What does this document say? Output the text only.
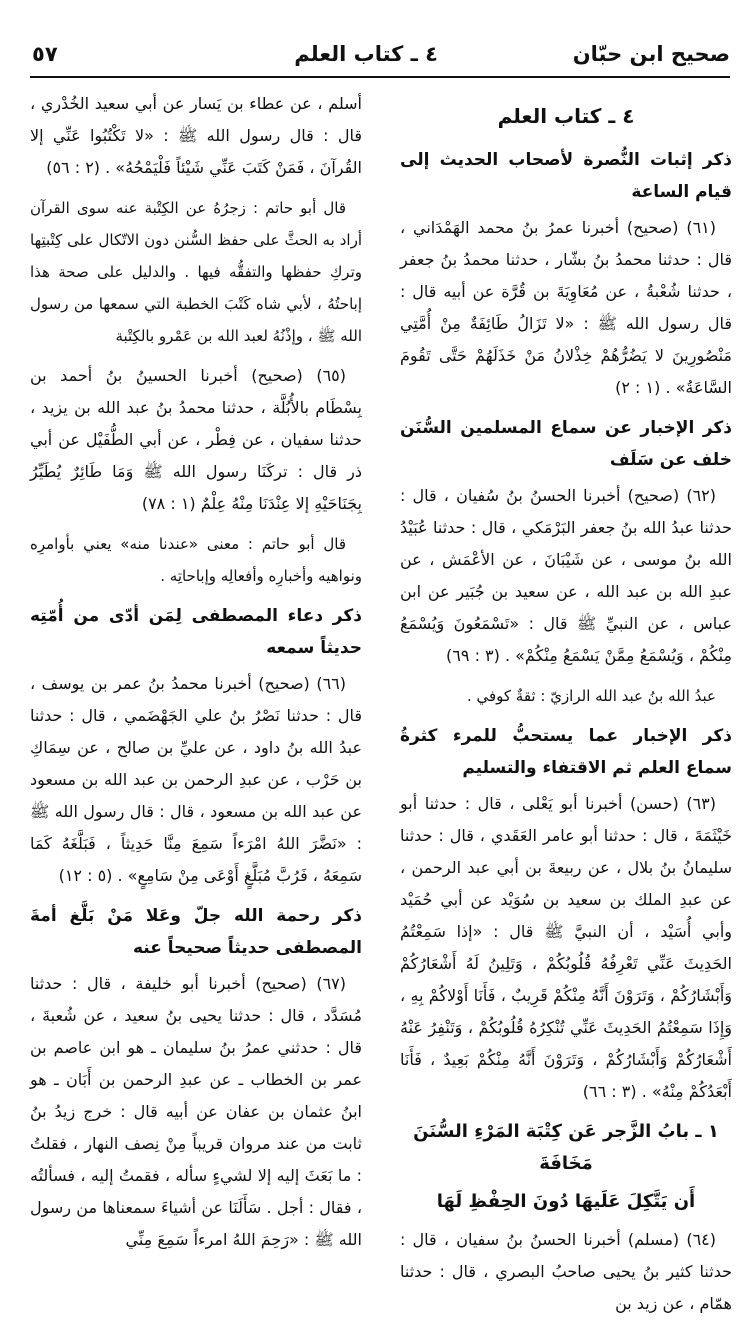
صحيح ابن حبّان
٤ ـ كتاب العلم
٥٧
٤ ـ كتاب العلم
ذكر إثبات النُّصرة لأصحاب الحديث إلى قيام الساعة

(٦١) (صحيح) أخبرنا عمرُ بنُ محمد الهَمْدَاني ، قال : حدثنا محمدُ بنُ بشّار ، حدثنا محمدُ بنُ جعفر ، حدثنا شُعْبةُ ، عن مُعَاوِيَةَ بن قُرَّة عن أبيه قال : قال رسول الله ﷺ : «لا تَزَالُ طَائِفَةٌ مِنْ أُمَّتِي مَنْصُورِينَ لا يَضُرُّهُمْ خِذْلانُ مَنْ خَذَلَهُمْ حَتَّى تَقُومَ السَّاعَةُ» . (١ : ٢)

ذكر الإخبار عن سماع المسلمين السُّنَن خلف عن سَلَف

(٦٢) (صحيح) أخبرنا الحسنُ بنُ سُفيان ، قال : حدثنا عبدُ الله بنُ جعفر البَرْمَكي ، قال : حدثنا عُبَيْدُ الله بنُ موسى ، عن شَيْبَانَ ، عن الأعْمَش ، عن عبدِ الله بن عبد الله ، عن سعيد بن جُبَير عن ابن عباس ، عن النبيِّ ﷺ قال : «تَسْمَعُونَ وَيُسْمَعُ مِنْكُمْ ، وَيُسْمَعُ مِمَّنْ يَسْمَعُ مِنْكُمْ» . (٣ : ٦٩)

عبدُ الله بنُ عبد الله الرازيّ : ثقةٌ كوفي .

ذكر الإخبار عما يستحبُّ للمرء كثرةُ سماع العلم ثم الاقتفاء والتسليم

(٦٣) (حسن) أخبرنا أبو يَعْلى ، قال : حدثنا أبو خَيْثَمَةَ ، قال : حدثنا أبو عامر العَقَدي ، قال : حدثنا سليمانُ بنُ بلال ، عن ربيعةَ بن أبي عبد الرحمن ، عن عبدِ الملك بن سعيد بن سُوَيْد عن أبي حُمَيْد وأبي أُسَيْد ، أن النبيَّ ﷺ قال : «إذا سَمِعْتُمُ الحَدِيثَ عَنِّي تَعْرِفُهُ قُلُوبُكُمْ ، وَتَلِينُ لَهُ أَشْعَارُكُمْ وَأَبْشَارُكُمْ ، وَتَرَوْنَ أَنَّهُ مِنْكُمْ قَرِيبٌ ، فَأَنَا أَوْلاكُمْ بِهِ ، وَإِذَا سَمِعْتُمُ الحَدِيثَ عَنِّي تُنْكِرُهُ قُلُوبُكُمْ ، وَتَنْفِرُ عَنْهُ أَشْعَارُكُمْ وَأَبْشَارُكُمْ ، وَتَرَوْنَ أَنَّهُ مِنْكُمْ بَعِيدٌ ، فَأَنَا أَبْعَدُكُمْ مِنْهُ» . (٣ : ٦٦)

١ ـ بابُ الزَّجر عَن كِتْبَة المَرْءِ السُّنَنَ مَخَافَةَ
أَن يَتَّكِلَ عَلَيهَا دُونَ الحِفْظِ لَهَا

(٦٤) (مسلم) أخبرنا الحسنُ بنُ سفيان ، قال : حدثنا كثير بنُ يحيى صاحبُ البصري ، قال : حدثنا همّام ، عن زيد بن

أسلم ، عن عطاء بن يَسار عن أبي سعيد الخُدْري ، قال : قال رسول الله ﷺ : «لا تَكْتُبُوا عَنِّي إلا القُرآنَ ، فَمَنْ كَتَبَ عَنِّي شَيْئاً فَلْيَمْحُهُ» . (٢ : ٥٦)

قال أبو حاتم : زجرُهُ عن الكِتْبة عنه سوى القرآن أراد به الحثَّ على حفظ السُّنن دون الاتّكال على كِتْبتِها وتركِ حفظها والتفقُّه فيها . والدليل على صحة هذا إباحتُهُ ، لأبي شاه كَتْبَ الخطبة التي سمعها من رسول الله ﷺ ، وإذْنُهُ لعبد الله بن عَمْرو بالكِتْبة

(٦٥) (صحيح) أخبرنا الحسينُ بنُ أحمد بن بِسْطَام بالأُبُلَّة ، حدثنا محمدُ بنُ عبد الله بن يزيد ، حدثنا سفيان ، عن فِطْر ، عن أبي الطُّفَيْل عن أبي ذر قال : تركَنَا رسول الله ﷺ وَمَا طَائِرٌ يُطَيِّرُ بِجَنَاحَيْهِ إلا عِنْدَنَا مِنْهُ عِلْمٌ (١ : ٧٨)

قال أبو حاتم : معنى «عندنا منه» يعني بأوامرِه ونواهيه وأخبارِه وأفعالِه وإباحاتِه .

ذكر دعاء المصطفى لِمَن أدّى من أُمّتِه حديثاً سمعه

(٦٦) (صحيح) أخبرنا محمدُ بنُ عمر بن يوسف ، قال : حدثنا نَصْرُ بنُ علي الجَهْضَمي ، قال : حدثنا عبدُ الله بنُ داود ، عن عليِّ بن صالح ، عن سِمَاكِ بن حَرْب ، عن عبدِ الرحمن بن عبد الله بن مسعود عن عبد الله بن مسعود ، قال : قال رسول الله ﷺ : «نَضَّرَ اللهُ امْرَءاً سَمِعَ مِنَّا حَدِيثاً ، فَبَلَّغَهُ كَمَا سَمِعَهُ ، فَرُبَّ مُبَلَّغٍ أَوْعَى مِنْ سَامِعٍ» . (٥ : ١٢)

ذكر رحمة الله جلّ وعَلا مَنْ بَلَّغ أمةَ المصطفى حديثاً صحيحاً عنه

(٦٧) (صحيح) أخبرنا أبو خليفة ، قال : حدثنا مُسَدَّد ، قال : حدثنا يحيى بنُ سعيد ، عن شُعبةَ ، قال : حدثني عمرُ بنُ سليمان ـ هو ابن عاصم بن عمر بن الخطاب ـ عن عبدِ الرحمن بن أَبَان ـ هو ابنُ عثمان بن عفان عن أبيه قال : خرج زيدُ بنُ ثابت من عند مروان قريباً مِنْ نِصف النهار ، فقلتُ : ما بَعَثَ إليه إلا لشيءٍ سأله ، فقمتُ إليه ، فسألتُه ، فقال : أجل . سَأَلَنَا عن أشياءَ سمعناها من رسول الله ﷺ : «رَحِمَ اللهُ امرءاً سَمِعَ مِنِّي
